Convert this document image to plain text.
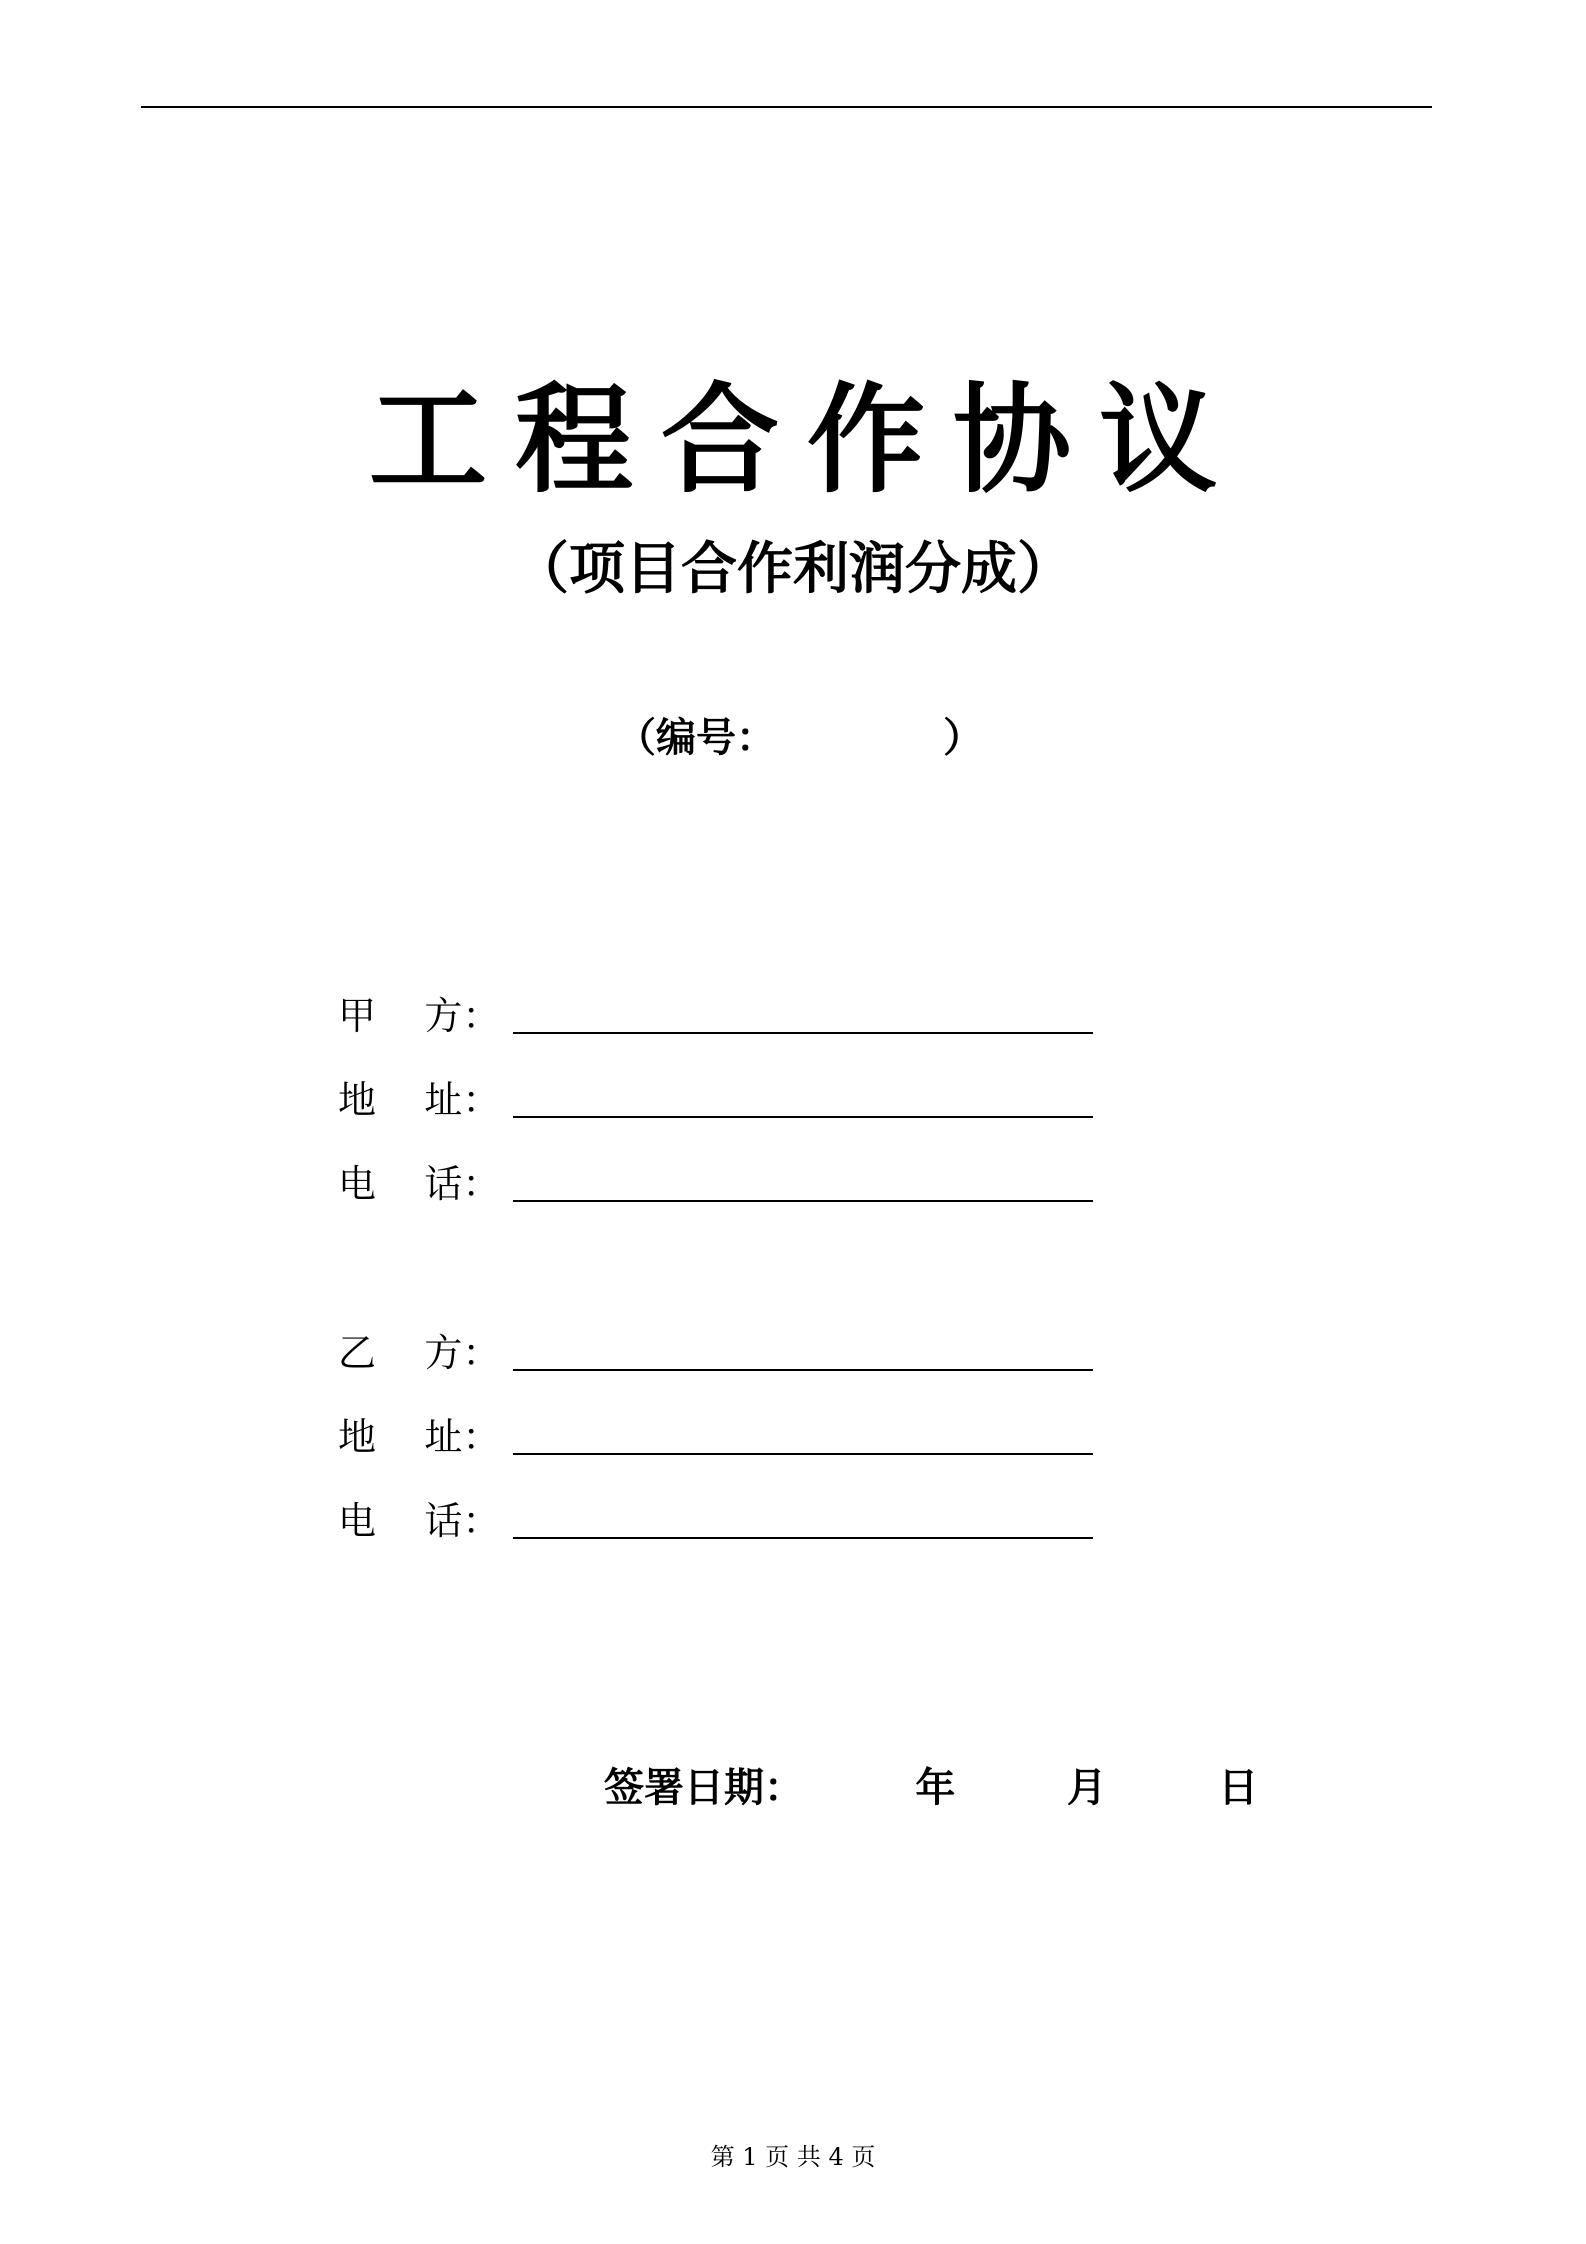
工程合作协议
（项目合作利润分成）
（编号：            ）
甲    方：
地    址：
电    话：
乙    方：
地    址：
电    话：
签署日期：        年        月        日
第 1 页 共 4 页
